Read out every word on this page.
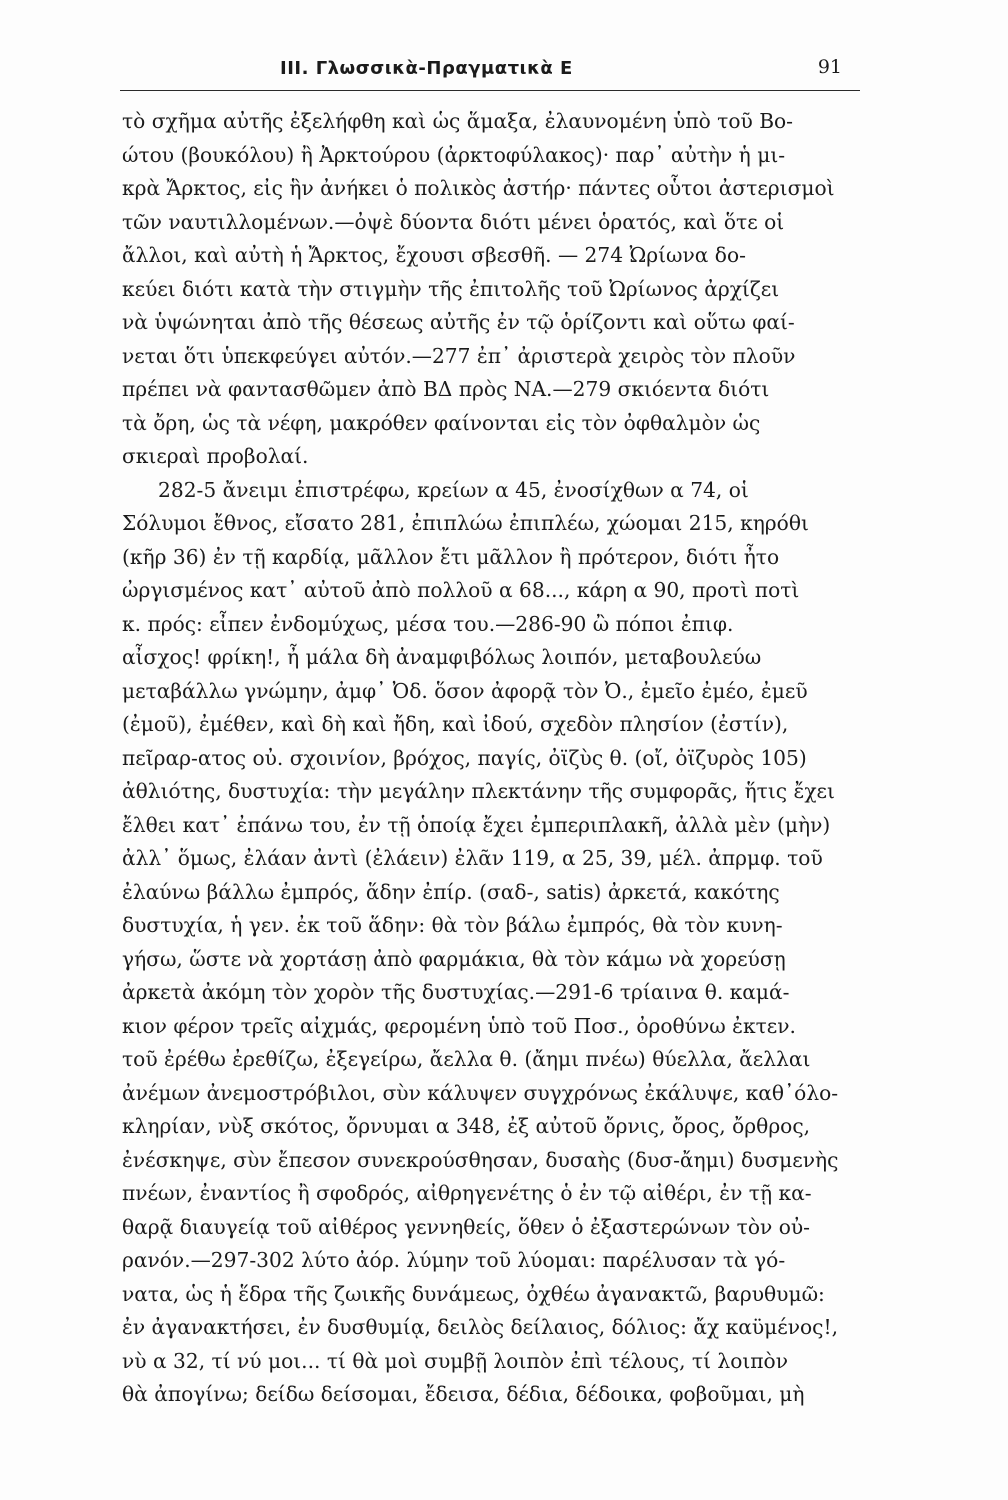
III. Γλωσσικὰ-Πραγματικὰ Ε	91
τὸ σχῆμα αὐτῆς ἐξελήφθη καὶ ὡς ἅμαξα, ἐλαυνομένη ὑπὸ τοῦ Βο-
ώτου (βουκόλου) ἢ Ἀρκτούρου (ἀρκτοφύλακος)· παρ᾽ αὐτὴν ἡ μι-
κρὰ Ἄρκτος, εἰς ἣν ἀνήκει ὁ πολικὸς ἀστήρ· πάντες οὗτοι ἀστερισμοὶ
τῶν ναυτιλλομένων.—ὀψὲ δύοντα διότι μένει ὁρατός, καὶ ὅτε οἱ
ἄλλοι, καὶ αὐτὴ ἡ Ἄρκτος, ἔχουσι σβεσθῆ. — 274 Ὠρίωνα δο-
κεύει διότι κατὰ τὴν στιγμὴν τῆς ἐπιτολῆς τοῦ Ὠρίωνος ἀρχίζει
νὰ ὑψώνηται ἀπὸ τῆς θέσεως αὐτῆς ἐν τῷ ὁρίζοντι καὶ οὕτω φαί-
νεται ὅτι ὑπεκφεύγει αὐτόν.—277 ἐπ᾽ ἀριστερὰ χειρὸς τὸν πλοῦν
πρέπει νὰ φαντασθῶμεν ἀπὸ ΒΔ πρὸς ΝΑ.—279 σκιόεντα διότι
τὰ ὄρη, ὡς τὰ νέφη, μακρόθεν φαίνονται εἰς τὸν ὀφθαλμὸν ὡς
σκιεραὶ προβολαί.
282-5 ἄνειμι ἐπιστρέφω, κρείων α 45, ἐνοσίχθων α 74, οἱ
Σόλυμοι ἔθνος, εἴσατο 281, ἐπιπλώω ἐπιπλέω, χώομαι 215, κηρόθι
(κῆρ 36) ἐν τῇ καρδίᾳ, μᾶλλον ἔτι μᾶλλον ἢ πρότερον, διότι ἦτο
ὠργισμένος κατ᾽ αὐτοῦ ἀπὸ πολλοῦ α 68..., κάρη α 90, προτὶ ποτὶ
κ. πρός: εἶπεν ἐνδομύχως, μέσα του.—286-90 ὢ πόποι ἐπιφ.
αἶσχος! φρίκη!, ἦ μάλα δὴ ἀναμφιβόλως λοιπόν, μεταβουλεύω
μεταβάλλω γνώμην, ἀμφ᾽ Ὀδ. ὅσον ἀφορᾷ τὸν Ὀ., ἐμεῖο ἐμέο, ἐμεῦ
(ἐμοῦ), ἐμέθεν, καὶ δὴ καὶ ἤδη, καὶ ἰδού, σχεδὸν πλησίον (ἐστίν),
πεῖραρ-ατος οὐ. σχοινίον, βρόχος, παγίς, ὀϊζὺς θ. (οἴ, ὀϊζυρὸς 105)
ἀθλιότης, δυστυχία: τὴν μεγάλην πλεκτάνην τῆς συμφορᾶς, ἥτις ἔχει
ἔλθει κατ᾽ ἐπάνω του, ἐν τῇ ὁποίᾳ ἔχει ἐμπεριπλακῆ, ἀλλὰ μὲν (μὴν)
ἀλλ᾽ ὅμως, ἐλάαν ἀντὶ (ἐλάειν) ἐλᾶν 119, α 25, 39, μέλ. ἀπρμφ. τοῦ
ἐλαύνω βάλλω ἐμπρός, ἅδην ἐπίρ. (σαδ-, satis) ἀρκετά, κακότης
δυστυχία, ἡ γεν. ἐκ τοῦ ἅδην: θὰ τὸν βάλω ἐμπρός, θὰ τὸν κυνη-
γήσω, ὥστε νὰ χορτάσῃ ἀπὸ φαρμάκια, θὰ τὸν κάμω νὰ χορεύσῃ
ἀρκετὰ ἀκόμη τὸν χορὸν τῆς δυστυχίας.—291-6 τρίαινα θ. καμά-
κιον φέρον τρεῖς αἰχμάς, φερομένη ὑπὸ τοῦ Ποσ., ὀροθύνω ἐκτεν.
τοῦ ἐρέθω ἐρεθίζω, ἐξεγείρω, ἄελλα θ. (ἄημι πνέω) θύελλα, ἄελλαι
ἀνέμων ἀνεμοστρόβιλοι, σὺν κάλυψεν συγχρόνως ἐκάλυψε, καθ᾽όλο-
κληρίαν, νὺξ σκότος, ὄρνυμαι α 348, ἐξ αὐτοῦ ὄρνις, ὄρος, ὄρθρος,
ἐνέσκηψε, σὺν ἔπεσον συνεκρούσθησαν, δυσαὴς (δυσ-ἄημι) δυσμενὴς
πνέων, ἐναντίος ἢ σφοδρός, αἰθρηγενέτης ὁ ἐν τῷ αἰθέρι, ἐν τῇ κα-
θαρᾷ διαυγείᾳ τοῦ αἰθέρος γεννηθείς, ὅθεν ὁ ἐξαστερώνων τὸν οὐ-
ρανόν.—297-302 λύτο ἀόρ. λύμην τοῦ λύομαι: παρέλυσαν τὰ γό-
νατα, ὡς ἡ ἕδρα τῆς ζωικῆς δυνάμεως, ὀχθέω ἀγανακτῶ, βαρυθυμῶ:
ἐν ἀγανακτήσει, ἐν δυσθυμίᾳ, δειλὸς δείλαιος, δόλιος: ἄχ καϋμένος!,
νὺ α 32, τί νύ μοι... τί θὰ μοὶ συμβῇ λοιπὸν ἐπὶ τέλους, τί λοιπὸν
θὰ ἀπογίνω; δείδω δείσομαι, ἔδεισα, δέδια, δέδοικα, φοβοῦμαι, μὴ
